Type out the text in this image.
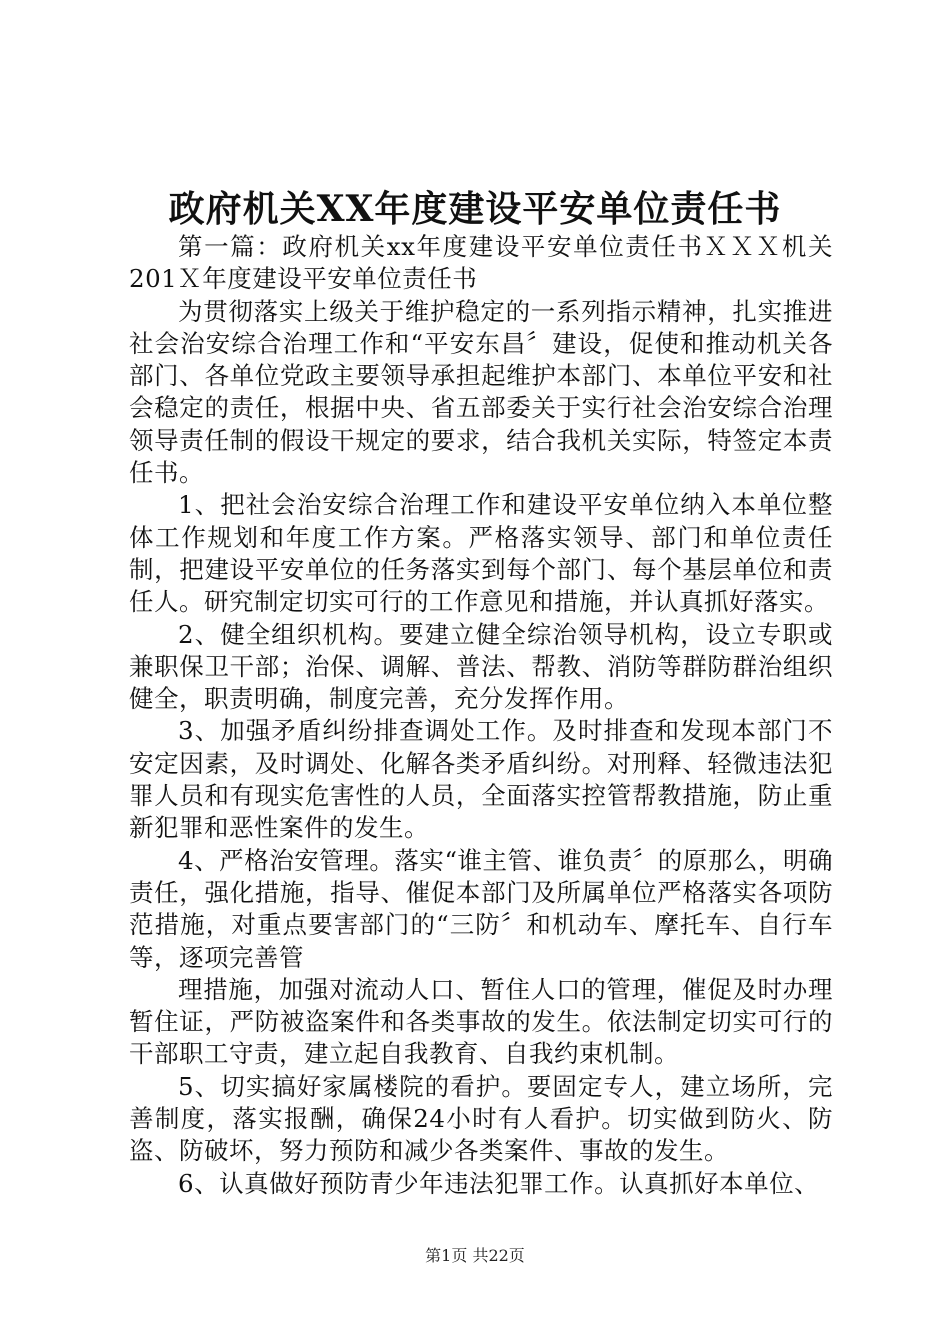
政府机关XX年度建设平安单位责任书

第一篇：政府机关xx年度建设平安单位责任书ＸＸＸ机关201Ｘ年度建设平安单位责任书

为贯彻落实上级关于维护稳定的一系列指示精神，扎实推进社会治安综合治理工作和“平安东昌〞建设，促使和推动机关各部门、各单位党政主要领导承担起维护本部门、本单位平安和社会稳定的责任，根据中央、省五部委关于实行社会治安综合治理领导责任制的假设干规定的要求，结合我机关实际，特签定本责任书。

1、把社会治安综合治理工作和建设平安单位纳入本单位整体工作规划和年度工作方案。严格落实领导、部门和单位责任制，把建设平安单位的任务落实到每个部门、每个基层单位和责任人。研究制定切实可行的工作意见和措施，并认真抓好落实。

2、健全组织机构。要建立健全综治领导机构，设立专职或兼职保卫干部；治保、调解、普法、帮教、消防等群防群治组织健全，职责明确，制度完善，充分发挥作用。

3、加强矛盾纠纷排查调处工作。及时排查和发现本部门不安定因素，及时调处、化解各类矛盾纠纷。对刑释、轻微违法犯罪人员和有现实危害性的人员，全面落实控管帮教措施，防止重新犯罪和恶性案件的发生。

4、严格治安管理。落实“谁主管、谁负责〞的原那么，明确责任，强化措施，指导、催促本部门及所属单位严格落实各项防范措施，对重点要害部门的“三防〞和机动车、摩托车、自行车等，逐项完善管

理措施，加强对流动人口、暂住人口的管理，催促及时办理暂住证，严防被盗案件和各类事故的发生。依法制定切实可行的干部职工守责，建立起自我教育、自我约束机制。

5、切实搞好家属楼院的看护。要固定专人，建立场所，完善制度，落实报酬，确保24小时有人看护。切实做到防火、防盗、防破坏，努力预防和减少各类案件、事故的发生。

6、认真做好预防青少年违法犯罪工作。认真抓好本单位、

第1页 共22页
